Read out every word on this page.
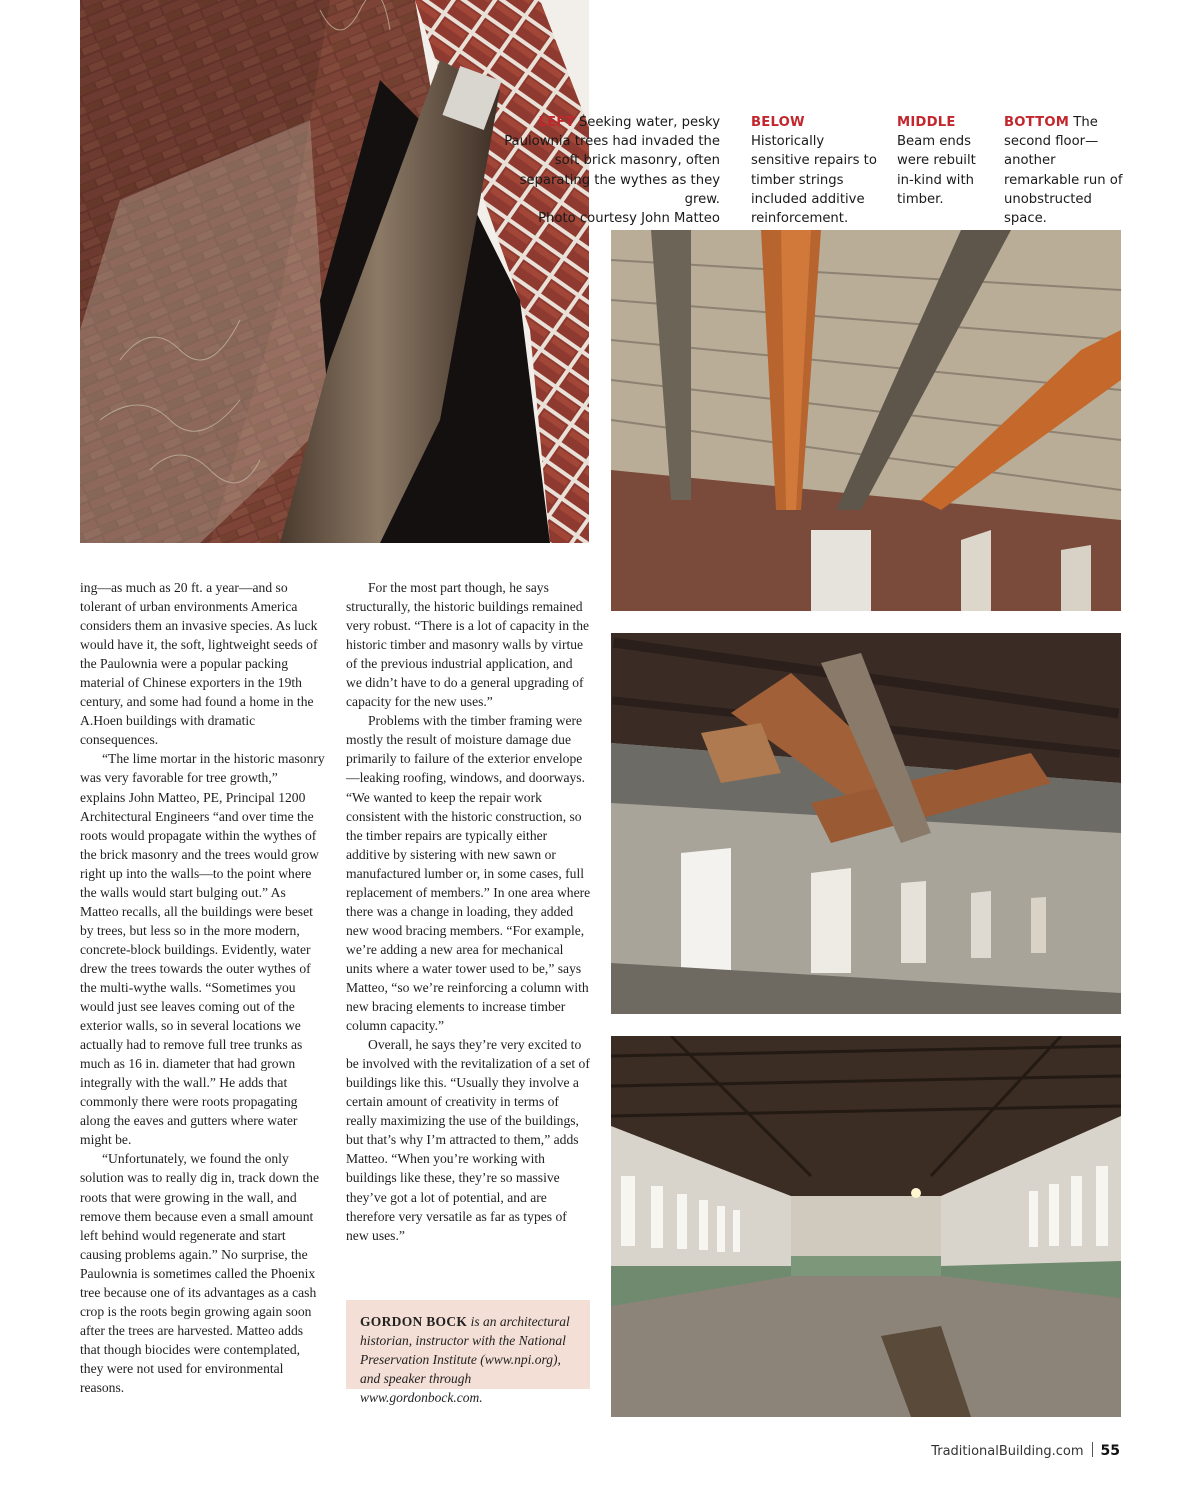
LEFT Seeking water, pesky Paulownia trees had invaded the soft brick masonry, often separating the wythes as they grew.
Photo courtesy John Matteo
BELOW Historically sensitive repairs to timber strings included additive reinforcement.
MIDDLE
Beam ends were rebuilt in-kind with timber.
BOTTOM The second floor—another remarkable run of unobstructed space.

ing—as much as 20 ft. a year—and so tolerant of urban environments America considers them an invasive species. As luck would have it, the soft, lightweight seeds of the Paulownia were a popular packing material of Chinese exporters in the 19th century, and some had found a home in the A.Hoen buildings with dramatic consequences.

“The lime mortar in the historic masonry was very favorable for tree growth,” explains John Matteo, PE, Principal 1200 Architectural Engineers “and over time the roots would propagate within the wythes of the brick masonry and the trees would grow right up into the walls—to the point where the walls would start bulging out.” As Matteo recalls, all the buildings were beset by trees, but less so in the more modern, concrete-block buildings. Evidently, water drew the trees towards the outer wythes of the multi-wythe walls. “Sometimes you would just see leaves coming out of the exterior walls, so in several locations we actually had to remove full tree trunks as much as 16 in. diameter that had grown integrally with the wall.” He adds that commonly there were roots propagating along the eaves and gutters where water might be.

“Unfortunately, we found the only solution was to really dig in, track down the roots that were growing in the wall, and remove them because even a small amount left behind would regenerate and start causing problems again.” No surprise, the Paulownia is sometimes called the Phoenix tree because one of its advantages as a cash crop is the roots begin growing again soon after the trees are harvested. Matteo adds that though biocides were contemplated, they were not used for environmental reasons.

For the most part though, he says structurally, the historic buildings remained very robust. “There is a lot of capacity in the historic timber and masonry walls by virtue of the previous industrial application, and we didn’t have to do a general upgrading of capacity for the new uses.”

Problems with the timber framing were mostly the result of moisture damage due primarily to failure of the exterior envelope—leaking roofing, windows, and doorways. “We wanted to keep the repair work consistent with the historic construction, so the timber repairs are typically either additive by sistering with new sawn or manufactured lumber or, in some cases, full replacement of members.” In one area where there was a change in loading, they added new wood bracing members. “For example, we’re adding a new area for mechanical units where a water tower used to be,” says Matteo, “so we’re reinforcing a column with new bracing elements to increase timber column capacity.”

Overall, he says they’re very excited to be involved with the revitalization of a set of buildings like this. “Usually they involve a certain amount of creativity in terms of really maximizing the use of the buildings, but that’s why I’m attracted to them,” adds Matteo. “When you’re working with buildings like these, they’re so massive they’ve got a lot of potential, and are therefore very versatile as far as types of new uses.”

GORDON BOCK is an architectural historian, instructor with the National Preservation Institute (www.npi.org), and speaker through www.gordonbock.com.
TraditionalBuilding.com 55
